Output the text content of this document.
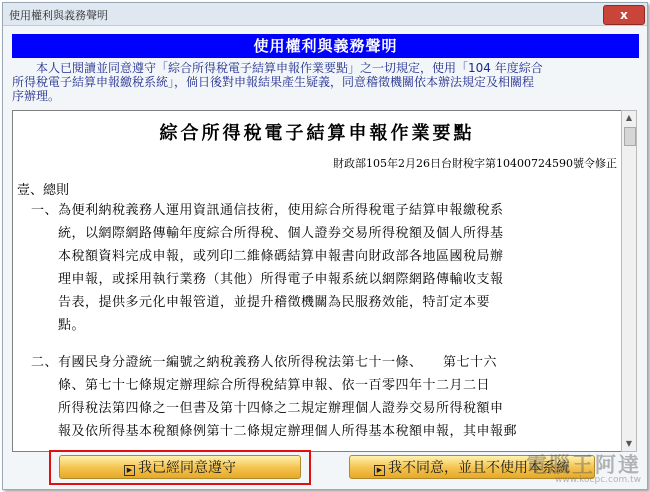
使用權利與義務聲明	x
使用權利與義務聲明
　　本人已閱讀並同意遵守「綜合所得稅電子結算申報作業要點」之一切規定，使用「104 年度綜合
所得稅電子結算申報繳稅系統」，倘日後對申報結果產生疑義，同意稽徵機關依本辦法規定及相關程
序辦理。
綜合所得稅電子結算申報作業要點
財政部105年2月26日台財稅字第10400724590號令修正
壹、總則
一、為便利納稅義務人運用資訊通信技術，使用綜合所得稅電子結算申報繳稅系
　　統，以網際網路傳輸年度綜合所得稅、個人證券交易所得稅額及個人所得基
　　本稅額資料完成申報，或列印二維條碼結算申報書向財政部各地區國稅局辦
　　理申報，或採用執行業務（其他）所得電子申報系統以網際網路傳輸收支報
　　告表，提供多元化申報管道，並提升稽徵機關為民服務效能，特訂定本要
　　點。
二、有國民身分證統一編號之納稅義務人依所得稅法第七十一條、　　第七十六
　　條、第七十七條規定辦理綜合所得稅結算申報、依一百零四年十二月二日
　　所得稅法第四條之一但書及第十四條之二規定辦理個人證券交易所得稅額申
　　報及依所得基本稅額條例第十二條規定辦理個人所得基本稅額申報，其申報郵
▲
▼
▶ 我已經同意遵守	▶ 我不同意，並且不使用本系統
電腦王阿達
www.kocpc.com.tw
